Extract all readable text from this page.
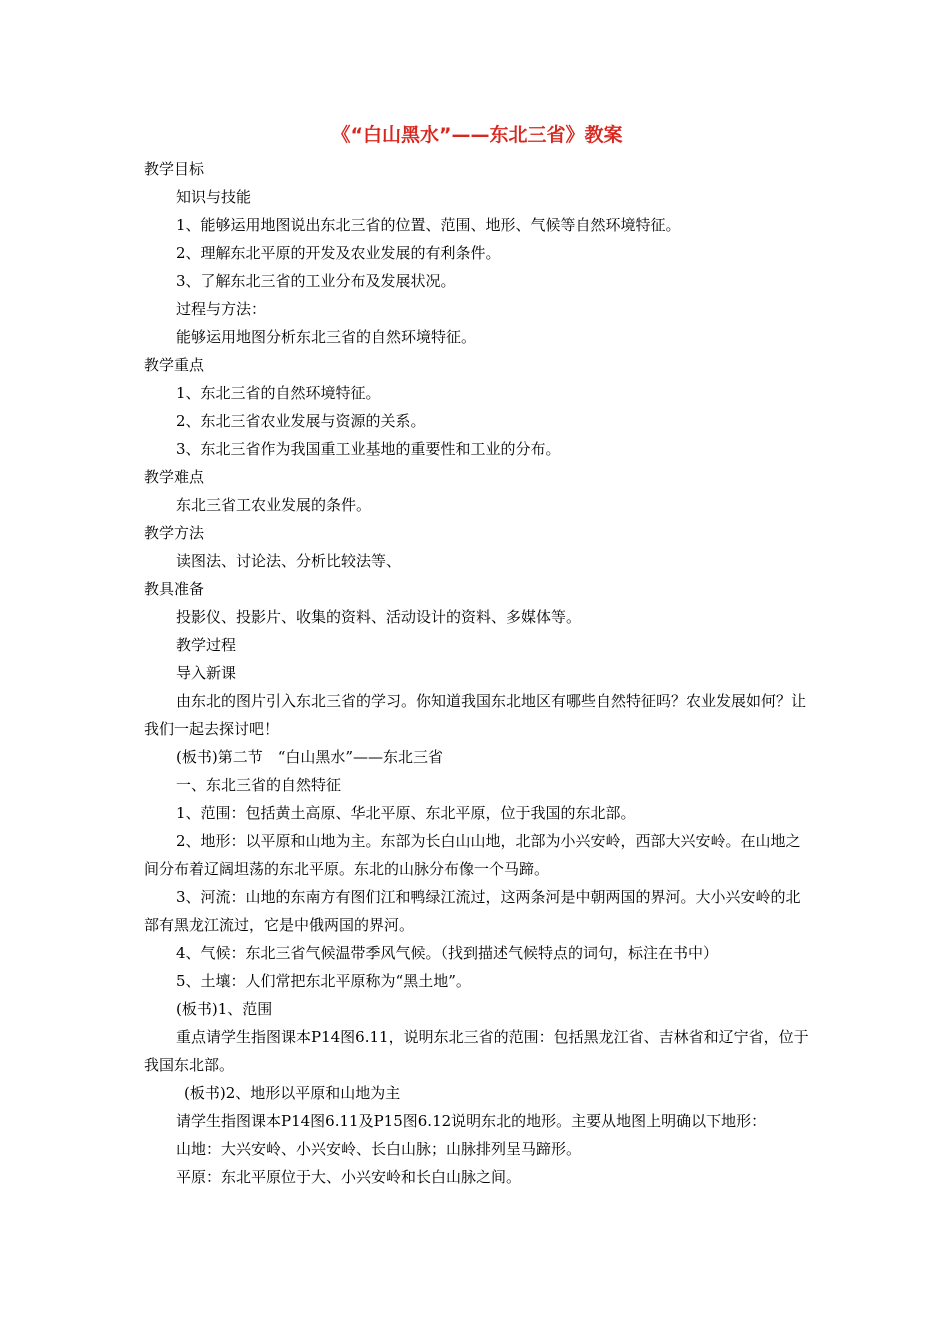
《“白山黑水”——东北三省》教案
教学目标
知识与技能
1、能够运用地图说出东北三省的位置、范围、地形、气候等自然环境特征。
2、理解东北平原的开发及农业发展的有利条件。
3、了解东北三省的工业分布及发展状况。
过程与方法：
能够运用地图分析东北三省的自然环境特征。
教学重点
1、东北三省的自然环境特征。
2、东北三省农业发展与资源的关系。
3、东北三省作为我国重工业基地的重要性和工业的分布。
教学难点
东北三省工农业发展的条件。
教学方法
读图法、讨论法、分析比较法等、
教具准备
投影仪、投影片、收集的资料、活动设计的资料、多媒体等。
教学过程
导入新课

由东北的图片引入东北三省的学习。你知道我国东北地区有哪些自然特征吗？农业发展如何？让我们一起去探讨吧！

(板书)第二节　“白山黑水”——东北三省
一、东北三省的自然特征
1、范围：包括黄土高原、华北平原、东北平原，位于我国的东北部。

2、地形：以平原和山地为主。东部为长白山山地，北部为小兴安岭，西部大兴安岭。在山地之间分布着辽阔坦荡的东北平原。东北的山脉分布像一个马蹄。

3、河流：山地的东南方有图们江和鸭绿江流过，这两条河是中朝两国的界河。大小兴安岭的北部有黑龙江流过，它是中俄两国的界河。

4、气候：东北三省气候温带季风气候。（找到描述气候特点的词句，标注在书中）
5、土壤：人们常把东北平原称为“黑土地”。
(板书)1、范围

重点请学生指图课本P14图6.11，说明东北三省的范围：包括黑龙江省、吉林省和辽宁省，位于我国东北部。

(板书)2、地形以平原和山地为主

请学生指图课本P14图6.11及P15图6.12说明东北的地形。主要从地图上明确以下地形：

山地：大兴安岭、小兴安岭、长白山脉；山脉排列呈马蹄形。
平原：东北平原位于大、小兴安岭和长白山脉之间。
